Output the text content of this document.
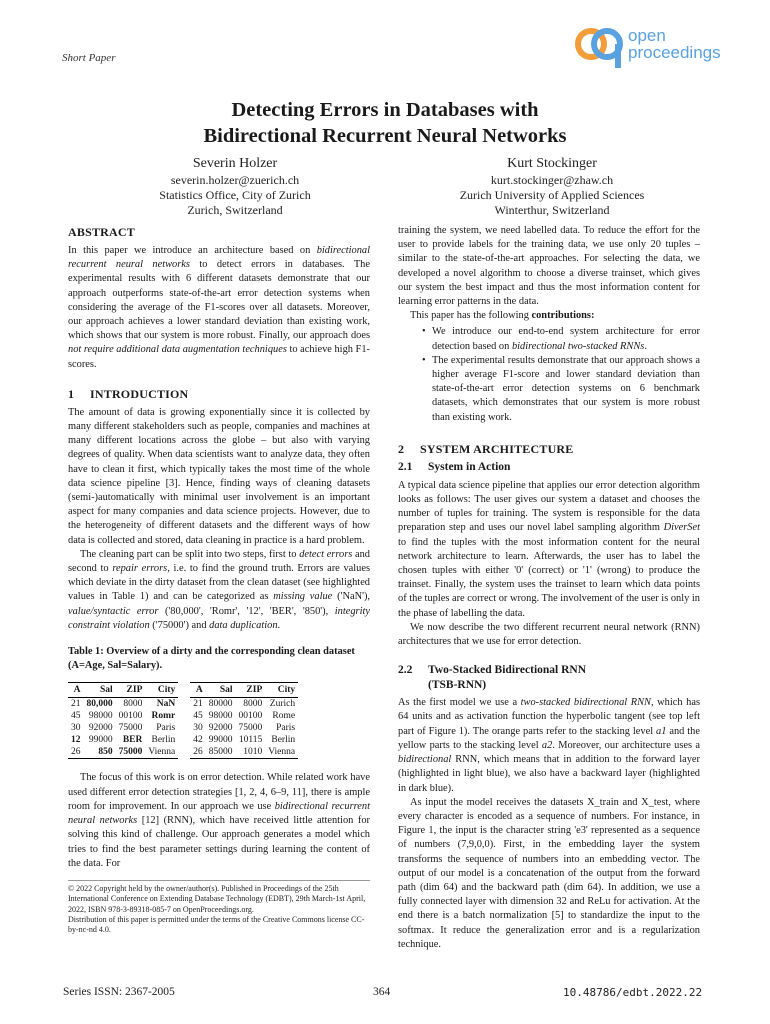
Short Paper
open
proceedings
Detecting Errors in Databases with
Bidirectional Recurrent Neural Networks
Severin Holzer
severin.holzer@zuerich.ch
Statistics Office, City of Zurich
Zurich, Switzerland
Kurt Stockinger
kurt.stockinger@zhaw.ch
Zurich University of Applied Sciences
Winterthur, Switzerland
ABSTRACT

In this paper we introduce an architecture based on bidirectional recurrent neural networks to detect errors in databases. The experimental results with 6 different datasets demonstrate that our approach outperforms state-of-the-art error detection systems when considering the average of the F1-scores over all datasets. Moreover, our approach achieves a lower standard deviation than existing work, which shows that our system is more robust. Finally, our approach does not require additional data augmentation techniques to achieve high F1-scores.

1 INTRODUCTION

The amount of data is growing exponentially since it is collected by many different stakeholders such as people, companies and machines at many different locations across the globe – but also with varying degrees of quality. When data scientists want to analyze data, they often have to clean it first, which typically takes the most time of the whole data science pipeline [3]. Hence, finding ways of cleaning datasets (semi-)automatically with minimal user involvement is an important aspect for many companies and data science projects. However, due to the heterogeneity of different datasets and the different ways of how data is collected and stored, data cleaning in practice is a hard problem.

The cleaning part can be split into two steps, first to detect errors and second to repair errors, i.e. to find the ground truth. Errors are values which deviate in the dirty dataset from the clean dataset (see highlighted values in Table 1) and can be categorized as missing value ('NaN'), value/syntactic error ('80,000', 'Romr', '12', 'BER', '850'), integrity constraint violation ('75000') and data duplication.

Table 1: Overview of a dirty and the corresponding clean dataset (A=Age, Sal=Salary).

A	Sal	ZIP	City
21	80,000	8000	NaN
45	98000	00100	Romr
30	92000	75000	Paris
12	99000	BER	Berlin
26	850	75000	Vienna
A	Sal	ZIP	City
21	80000	8000	Zurich
45	98000	00100	Rome
30	92000	75000	Paris
42	99000	10115	Berlin
26	85000	1010	Vienna

The focus of this work is on error detection. While related work have used different error detection strategies [1, 2, 4, 6–9, 11], there is ample room for improvement. In our approach we use bidirectional recurrent neural networks [12] (RNN), which have received little attention for solving this kind of challenge. Our approach generates a model which tries to find the best parameter settings during learning the content of the data. For

© 2022 Copyright held by the owner/author(s). Published in Proceedings of the 25th International Conference on Extending Database Technology (EDBT), 29th March-1st April, 2022, ISBN 978-3-89318-085-7 on OpenProceedings.org.
Distribution of this paper is permitted under the terms of the Creative Commons license CC-by-nc-nd 4.0.

training the system, we need labelled data. To reduce the effort for the user to provide labels for the training data, we use only 20 tuples – similar to the state-of-the-art approaches. For selecting the data, we developed a novel algorithm to choose a diverse trainset, which gives our system the best impact and thus the most information content for learning error patterns in the data.

This paper has the following contributions:

• We introduce our end-to-end system architecture for error detection based on bidirectional two-stacked RNNs.
• The experimental results demonstrate that our approach shows a higher average F1-score and lower standard deviation than state-of-the-art error detection systems on 6 benchmark datasets, which demonstrates that our system is more robust than existing work.
2 SYSTEM ARCHITECTURE
2.1 System in Action

A typical data science pipeline that applies our error detection algorithm looks as follows: The user gives our system a dataset and chooses the number of tuples for training. The system is responsible for the data preparation step and uses our novel label sampling algorithm DiverSet to find the tuples with the most information content for the neural network architecture to learn. Afterwards, the user has to label the chosen tuples with either '0' (correct) or '1' (wrong) to produce the trainset. Finally, the system uses the trainset to learn which data points of the tuples are correct or wrong. The involvement of the user is only in the phase of labelling the data.

We now describe the two different recurrent neural network (RNN) architectures that we use for error detection.

2.2 Two-Stacked Bidirectional RNN
(TSB-RNN)

As the first model we use a two-stacked bidirectional RNN, which has 64 units and as activation function the hyperbolic tangent (see top left part of Figure 1). The orange parts refer to the stacking level a1 and the yellow parts to the stacking level a2. Moreover, our architecture uses a bidirectional RNN, which means that in addition to the forward layer (highlighted in light blue), we also have a backward layer (highlighted in dark blue).

As input the model receives the datasets X_train and X_test, where every character is encoded as a sequence of numbers. For instance, in Figure 1, the input is the character string 'e3' represented as a sequence of numbers (7,9,0,0). First, in the embedding layer the system transforms the sequence of numbers into an embedding vector. The output of our model is a concatenation of the output from the forward path (dim 64) and the backward path (dim 64). In addition, we use a fully connected layer with dimension 32 and ReLu for activation. At the end there is a batch normalization [5] to standardize the input to the softmax. It reduce the generalization error and is a regularization technique.

Series ISSN: 2367-2005	364	10.48786/edbt.2022.22
